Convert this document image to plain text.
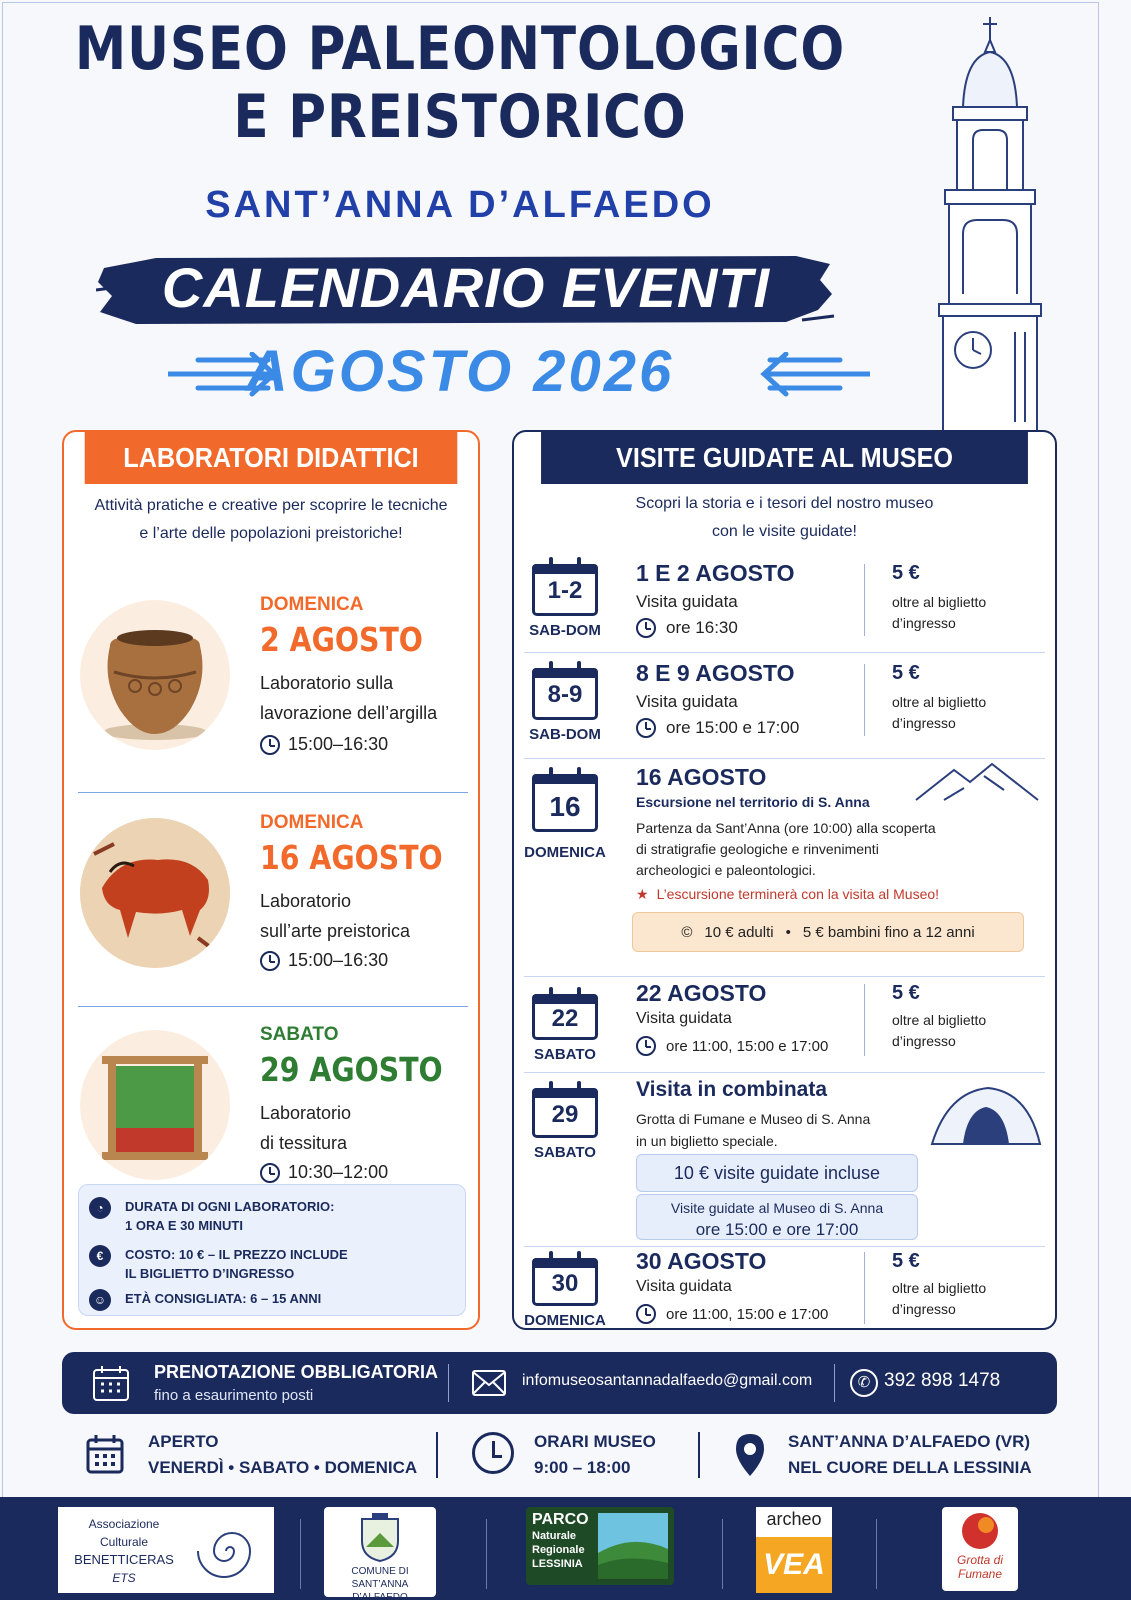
MUSEO PALEONTOLOGICO
E PREISTORICO
SANT’ANNA D’ALFAEDO
CALENDARIO EVENTI
AGOSTO 2026
LABORATORI DIDATTICI
Attività pratiche e creative per scoprire le tecniche e l’arte delle popolazioni preistoriche!
DOMENICA
2 AGOSTO
Laboratorio sulla
lavorazione dell’argilla
15:00–16:30
DOMENICA
16 AGOSTO
Laboratorio
sull’arte preistorica
15:00–16:30
SABATO
29 AGOSTO
Laboratorio
di tessitura
10:30–12:00
◔	DURATA DI OGNI LABORATORIO:
1 ORA E 30 MINUTI
€	COSTO: 10 € – IL PREZZO INCLUDE
IL BIGLIETTO D’INGRESSO
☺	ETÀ CONSIGLIATA: 6 – 15 ANNI
VISITE GUIDATE AL MUSEO
Scopri la storia e i tesori del nostro museo
con le visite guidate!
1-2
SAB-DOM
1 E 2 AGOSTO
Visita guidata
ore 16:30
5 €
oltre al biglietto
d’ingresso
8-9
SAB-DOM
8 E 9 AGOSTO
Visita guidata
ore 15:00 e 17:00
5 €
oltre al biglietto
d’ingresso
16
DOMENICA
16 AGOSTO
Escursione nel territorio di S. Anna
Partenza da Sant’Anna (ore 10:00) alla scoperta
di stratigrafie geologiche e rinvenimenti
archeologici e paleontologici.
★ L’escursione terminerà con la visita al Museo!
© 10 € adulti • 5 € bambini fino a 12 anni
22
SABATO
22 AGOSTO
Visita guidata
ore 11:00, 15:00 e 17:00
5 €
oltre al biglietto
d’ingresso
29
SABATO
Visita in combinata
Grotta di Fumane e Museo di S. Anna
in un biglietto speciale.
10 € visite guidate incluse
Visite guidate al Museo di S. Anna
ore 15:00 e ore 17:00
30
DOMENICA
30 AGOSTO
Visita guidata
ore 11:00, 15:00 e 17:00
5 €
oltre al biglietto
d’ingresso
PRENOTAZIONE OBBLIGATORIA
fino a esaurimento posti
infomuseosantannadalfaedo@gmail.com	✆ 392 898 1478
APERTO
VENERDÌ • SABATO • DOMENICA
ORARI MUSEO
9:00 – 18:00
SANT’ANNA D’ALFAEDO (VR)
NEL CUORE DELLA LESSINIA
Associazione
Culturale
BENETTICERAS
ETS	COMUNE DI
SANT’ANNA D’ALFAEDO
PARCO
Naturale
Regionale
LESSINIA
archeo
VEA	Grotta di
Fumane
